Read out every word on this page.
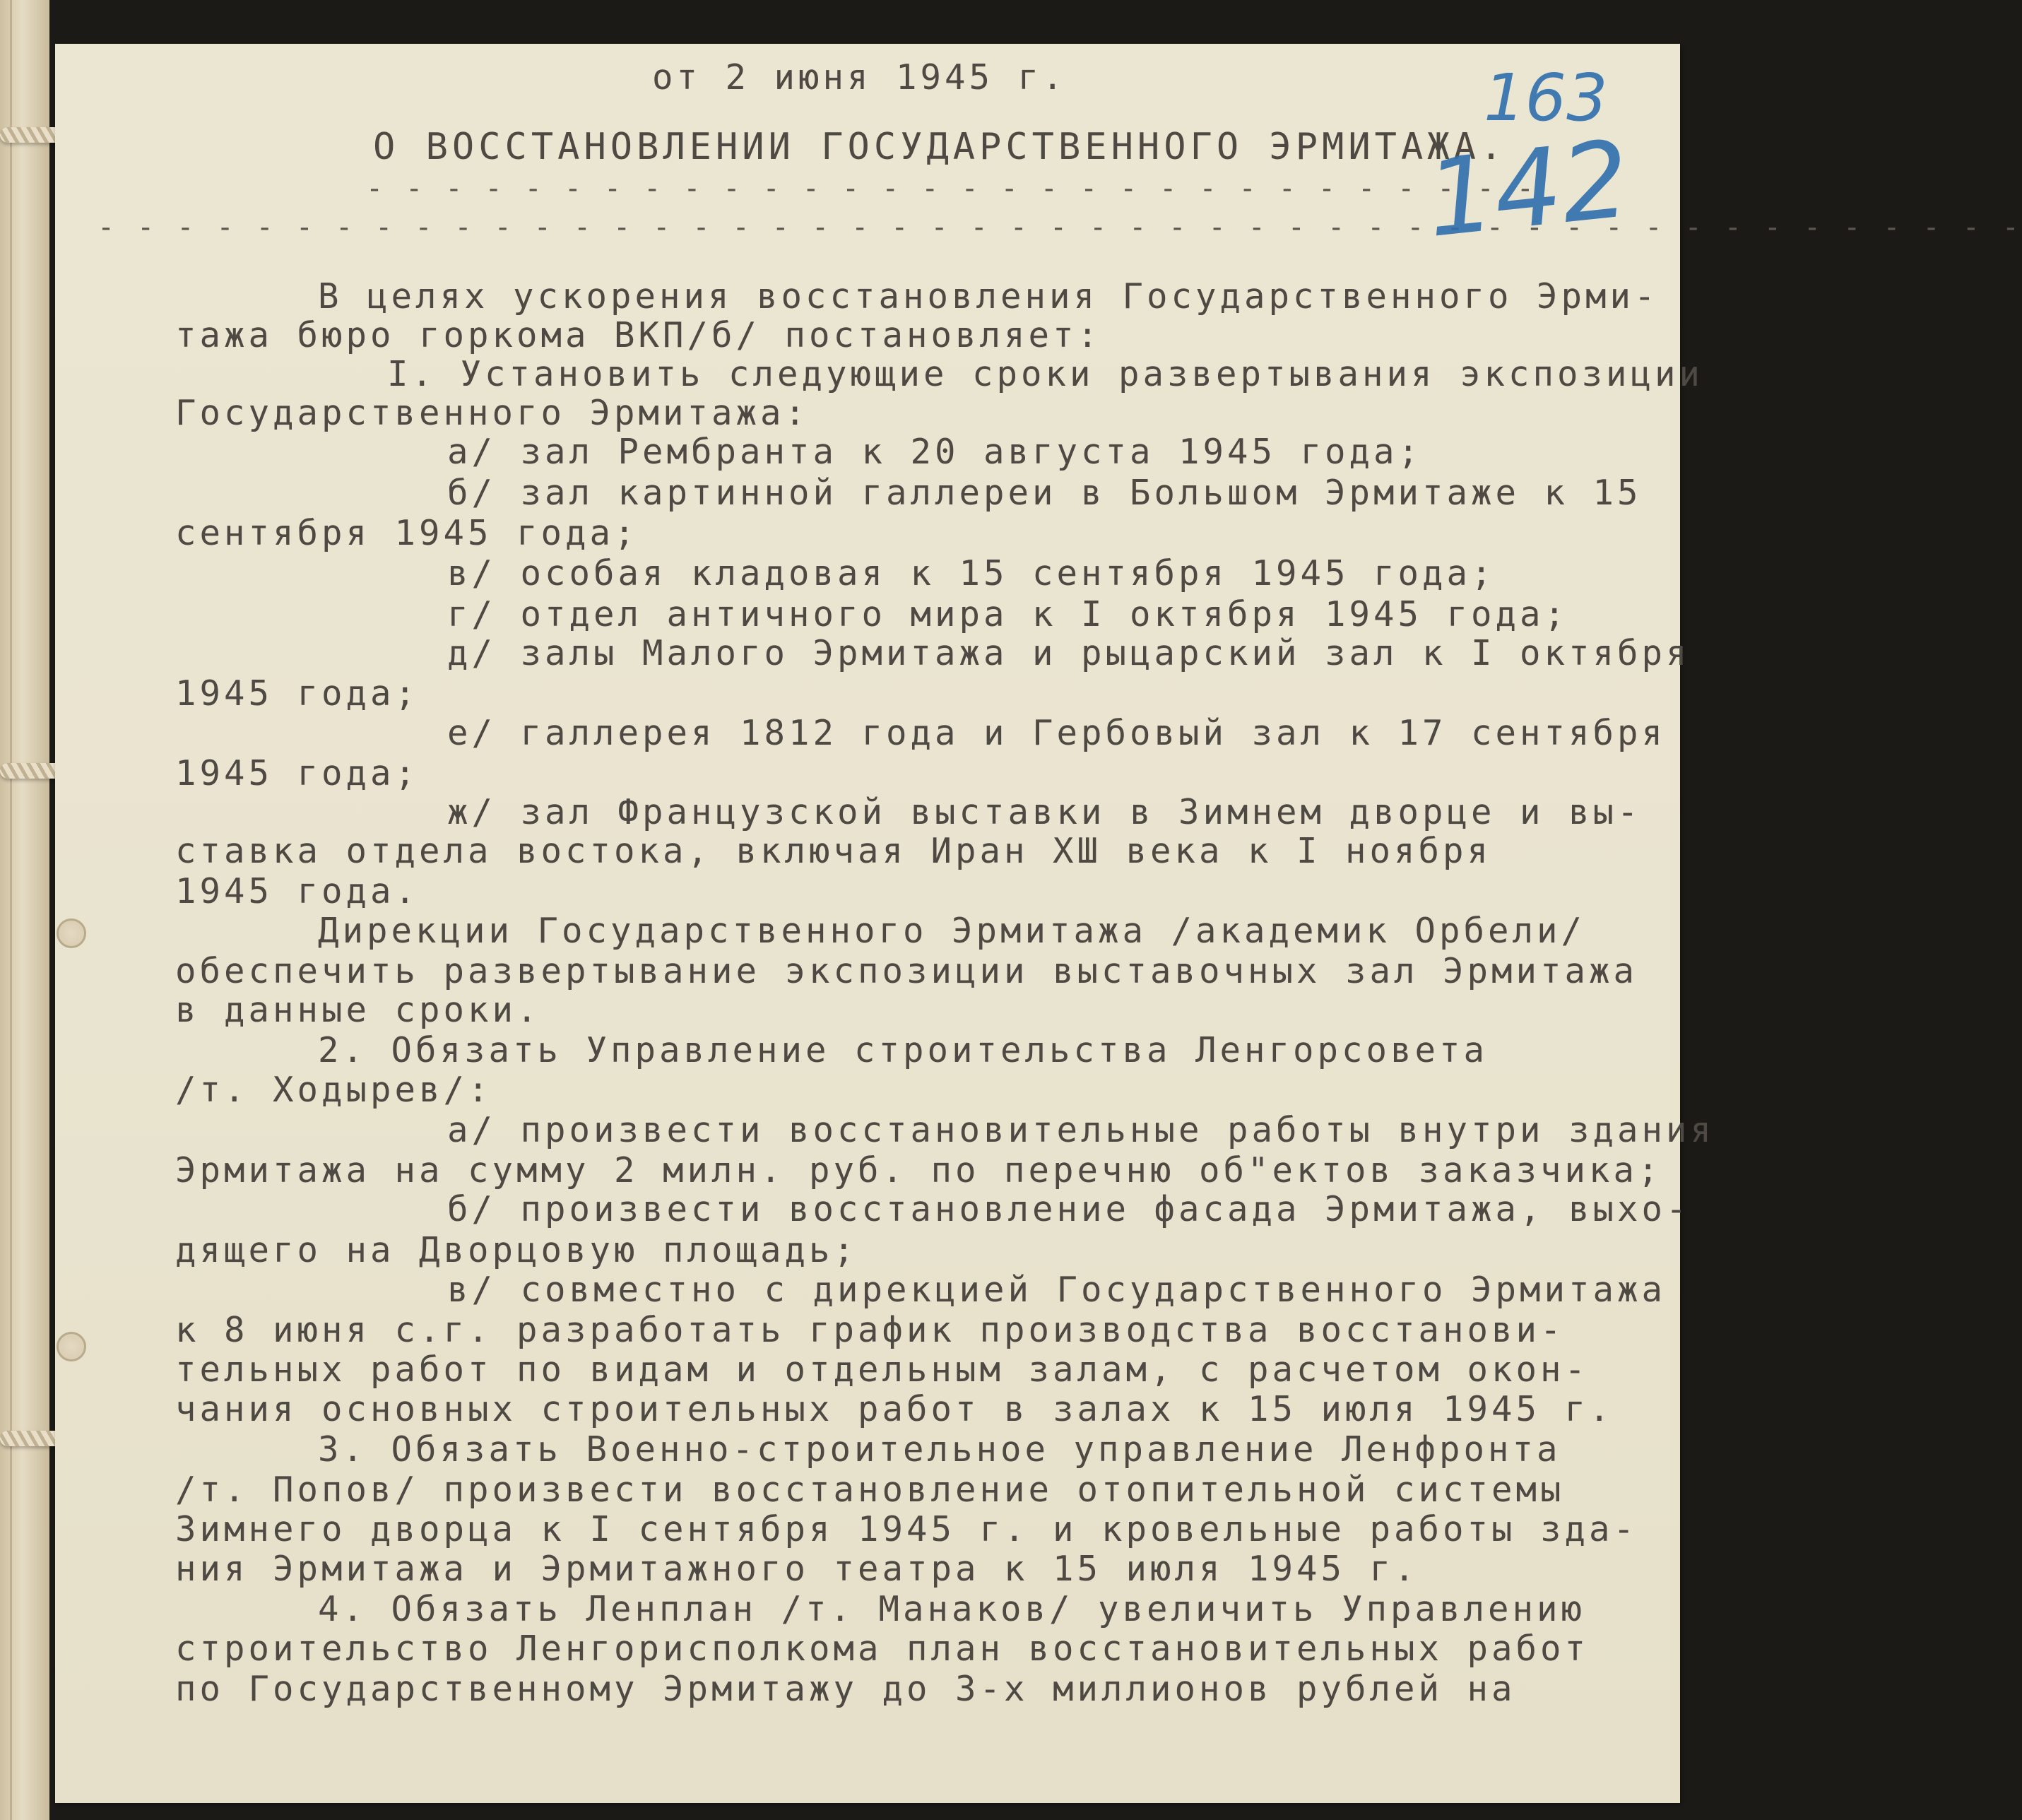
от 2 июня 1945 г.

О ВОССТАНОВЛЕНИИ ГОСУДАРСТВЕННОГО ЭРМИТАЖА.

- - - - - - - - - - - - - - - - - - - - - - - - - - - - - -

- - - - - - - - - - - - - - - - - - - - - - - - - - - - - - - - - - - - - - - - - - - - - - - - -

В целях ускорения восстановления Государственного Эрми-

тажа бюро горкома ВКП/б/ постановляет:

I. Установить следующие сроки развертывания экспозиции

Государственного Эрмитажа:

а/ зал Рембранта к 20 августа 1945 года;

б/ зал картинной галлереи в Большом Эрмитаже к 15

сентября 1945 года;

в/ особая кладовая к 15 сентября 1945 года;

г/ отдел античного мира к I октября 1945 года;

д/ залы Малого Эрмитажа и рыцарский зал к I октября

1945 года;

е/ галлерея 1812 года и Гербовый зал к 17 сентября

1945 года;

ж/ зал Французской выставки в Зимнем дворце и вы-

ставка отдела востока, включая Иран ХШ века к I ноября

1945 года.

Дирекции Государственного Эрмитажа /академик Орбели/

обеспечить развертывание экспозиции выставочных зал Эрмитажа

в данные сроки.

2. Обязать Управление строительства Ленгорсовета

/т. Ходырев/:

а/ произвести восстановительные работы внутри здания

Эрмитажа на сумму 2 милн. руб. по перечню об"ектов заказчика;

б/ произвести восстановление фасада Эрмитажа, выхо-

дящего на Дворцовую площадь;

в/ совместно с дирекцией Государственного Эрмитажа

к 8 июня с.г. разработать график производства восстанови-

тельных работ по видам и отдельным залам, с расчетом окон-

чания основных строительных работ в залах к 15 июля 1945 г.

3. Обязать Военно-строительное управление Ленфронта

/т. Попов/ произвести восстановление отопительной системы

Зимнего дворца к I сентября 1945 г. и кровельные работы зда-

ния Эрмитажа и Эрмитажного театра к 15 июля 1945 г.

4. Обязать Ленплан /т. Манаков/ увеличить Управлению

строительство Ленгорисполкома план восстановительных работ

по Государственному Эрмитажу до 3-х миллионов рублей на

163
142
